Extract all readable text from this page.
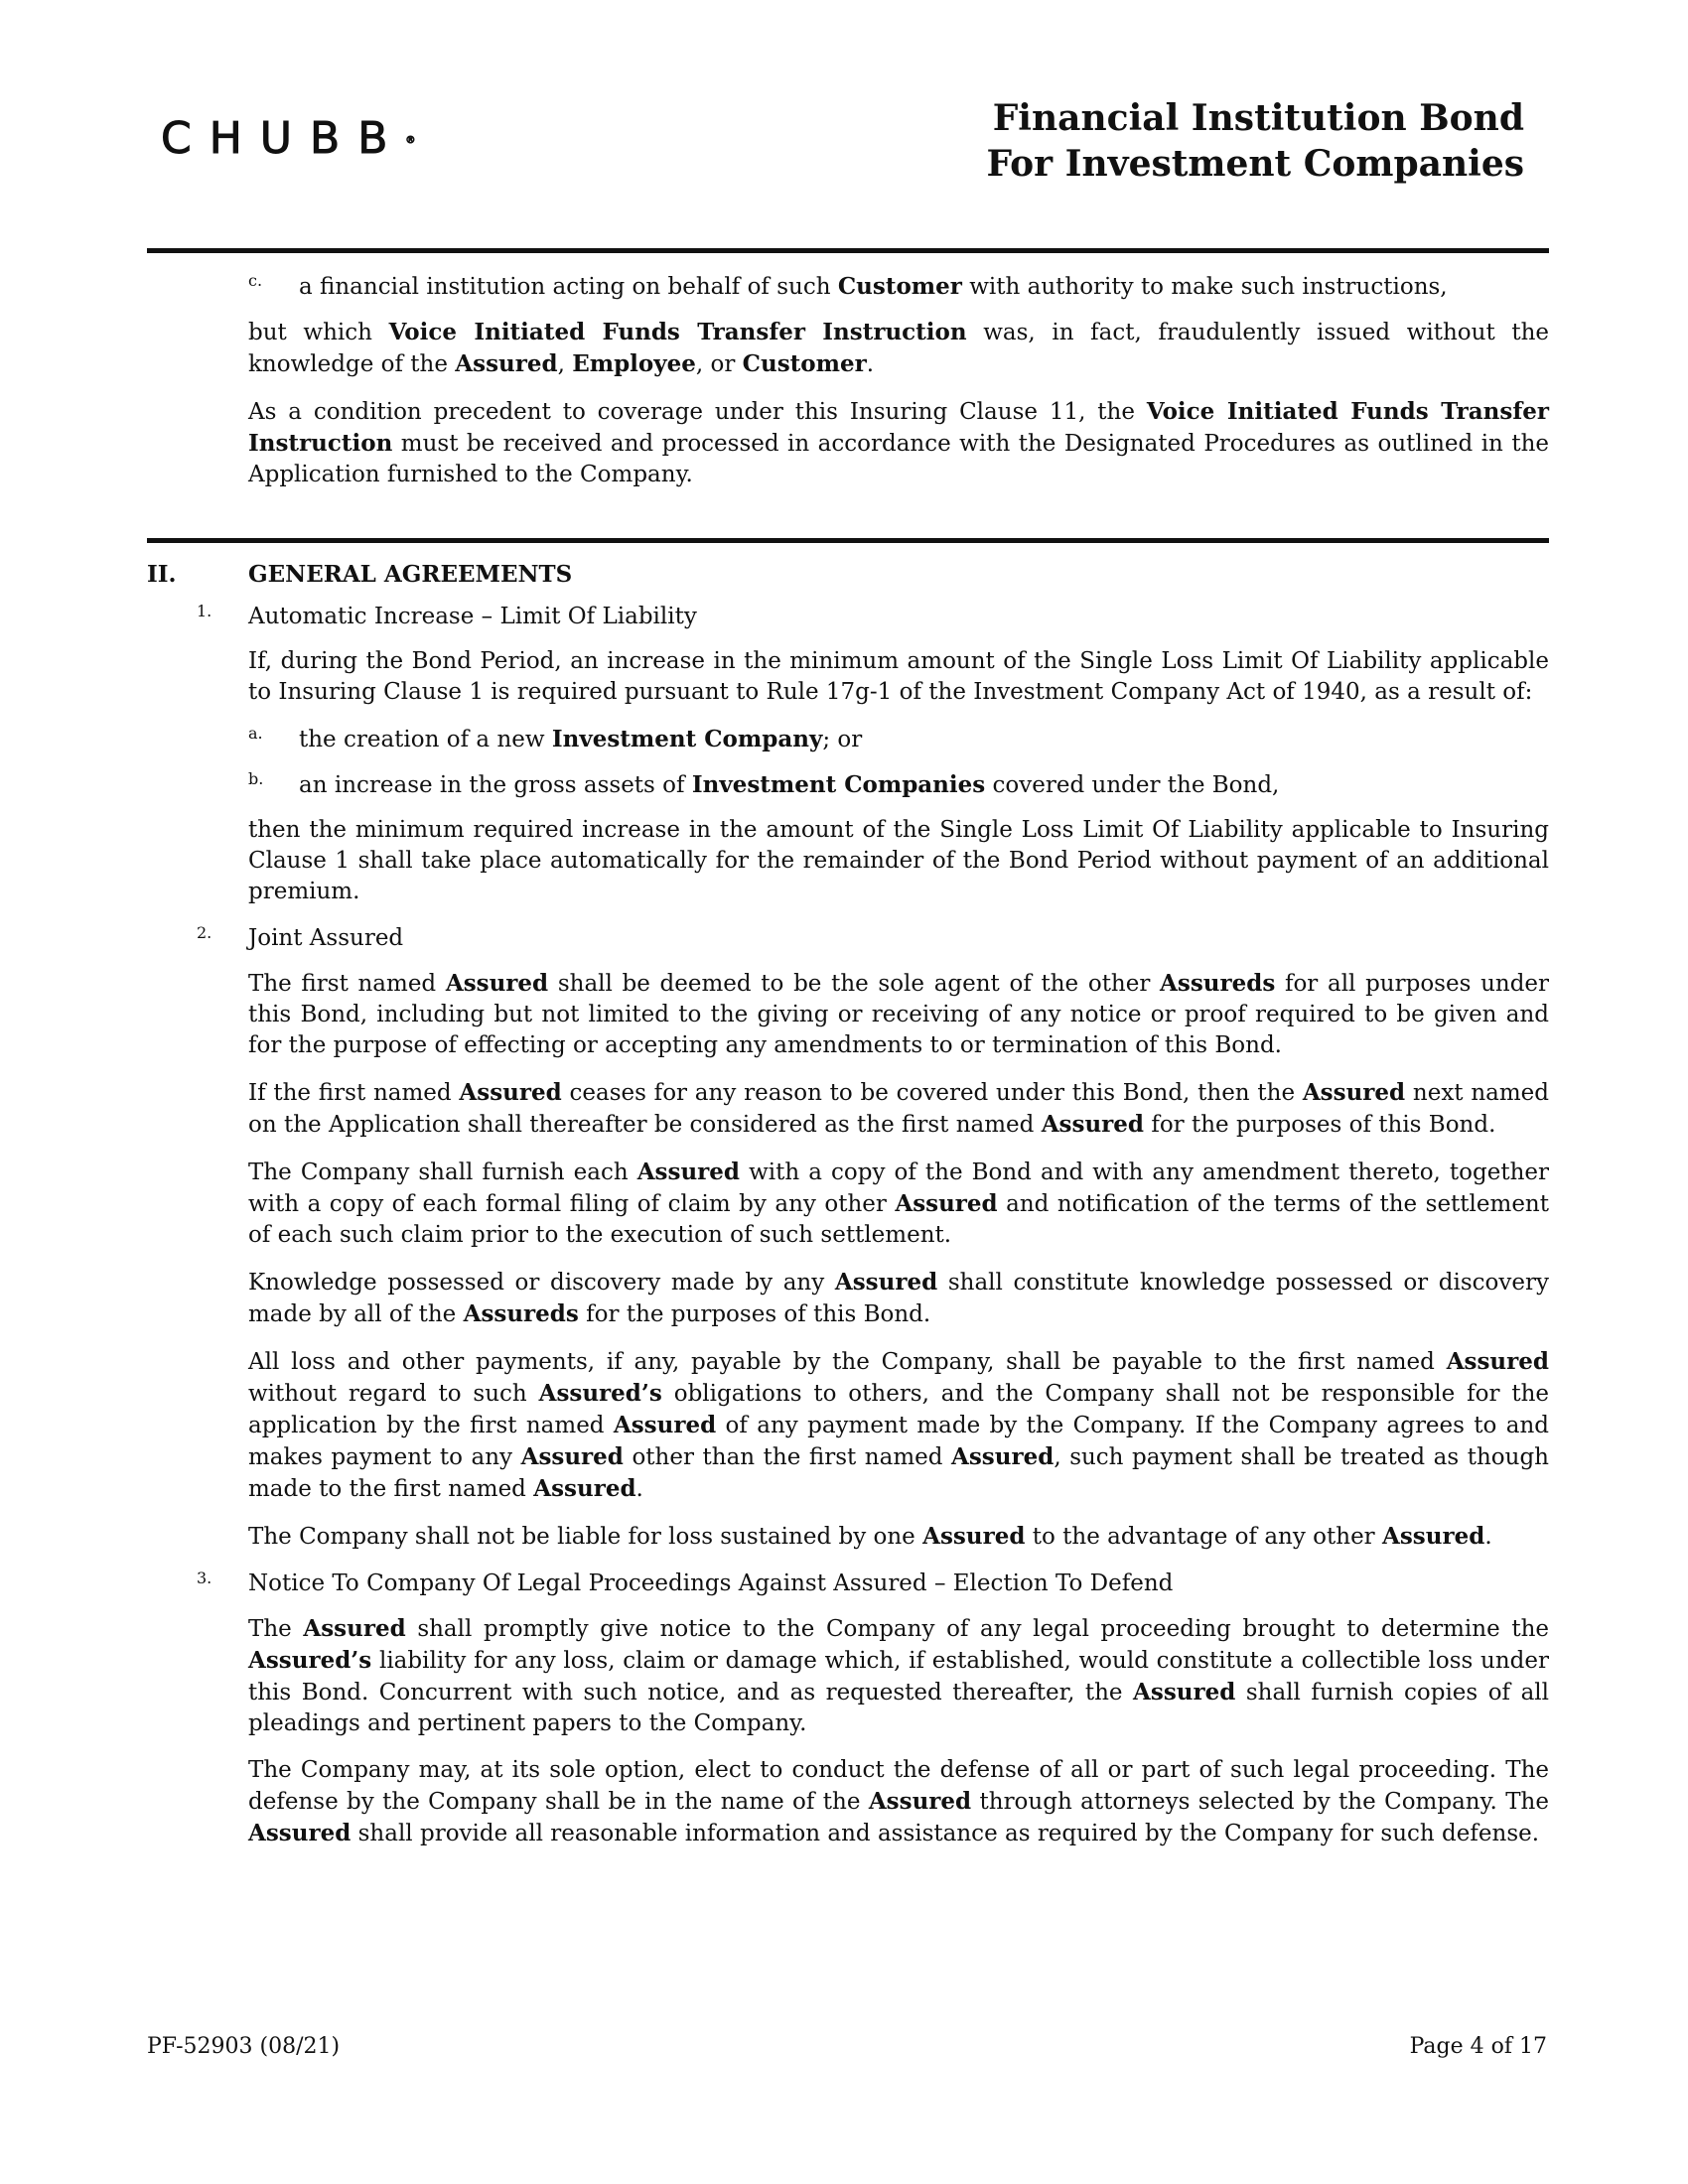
CHUBB®
Financial Institution Bond
For Investment Companies
c.	a financial institution acting on behalf of such Customer with authority to make such instructions,

but which Voice Initiated Funds Transfer Instruction was, in fact, fraudulently issued without the knowledge of the Assured, Employee, or Customer.

As a condition precedent to coverage under this Insuring Clause 11, the Voice Initiated Funds Transfer Instruction must be received and processed in accordance with the Designated Procedures as outlined in the Application furnished to the Company.

II.	GENERAL AGREEMENTS
1.	Automatic Increase – Limit Of Liability

If, during the Bond Period, an increase in the minimum amount of the Single Loss Limit Of Liability applicable to Insuring Clause 1 is required pursuant to Rule 17g-1 of the Investment Company Act of 1940, as a result of:

a.	the creation of a new Investment Company; or

b.	an increase in the gross assets of Investment Companies covered under the Bond,

then the minimum required increase in the amount of the Single Loss Limit Of Liability applicable to Insuring Clause 1 shall take place automatically for the remainder of the Bond Period without payment of an additional premium.

2.	Joint Assured

The first named Assured shall be deemed to be the sole agent of the other Assureds for all purposes under this Bond, including but not limited to the giving or receiving of any notice or proof required to be given and for the purpose of effecting or accepting any amendments to or termination of this Bond.

If the first named Assured ceases for any reason to be covered under this Bond, then the Assured next named on the Application shall thereafter be considered as the first named Assured for the purposes of this Bond.

The Company shall furnish each Assured with a copy of the Bond and with any amendment thereto, together with a copy of each formal filing of claim by any other Assured and notification of the terms of the settlement of each such claim prior to the execution of such settlement.

Knowledge possessed or discovery made by any Assured shall constitute knowledge possessed or discovery made by all of the Assureds for the purposes of this Bond.

All loss and other payments, if any, payable by the Company, shall be payable to the first named Assured without regard to such Assured’s obligations to others, and the Company shall not be responsible for the application by the first named Assured of any payment made by the Company. If the Company agrees to and makes payment to any Assured other than the first named Assured, such payment shall be treated as though made to the first named Assured.

The Company shall not be liable for loss sustained by one Assured to the advantage of any other Assured.

3.	Notice To Company Of Legal Proceedings Against Assured – Election To Defend

The Assured shall promptly give notice to the Company of any legal proceeding brought to determine the Assured’s liability for any loss, claim or damage which, if established, would constitute a collectible loss under this Bond. Concurrent with such notice, and as requested thereafter, the Assured shall furnish copies of all pleadings and pertinent papers to the Company.

The Company may, at its sole option, elect to conduct the defense of all or part of such legal proceeding. The defense by the Company shall be in the name of the Assured through attorneys selected by the Company. The Assured shall provide all reasonable information and assistance as required by the Company for such defense.

PF-52903 (08/21)	Page 4 of 17
